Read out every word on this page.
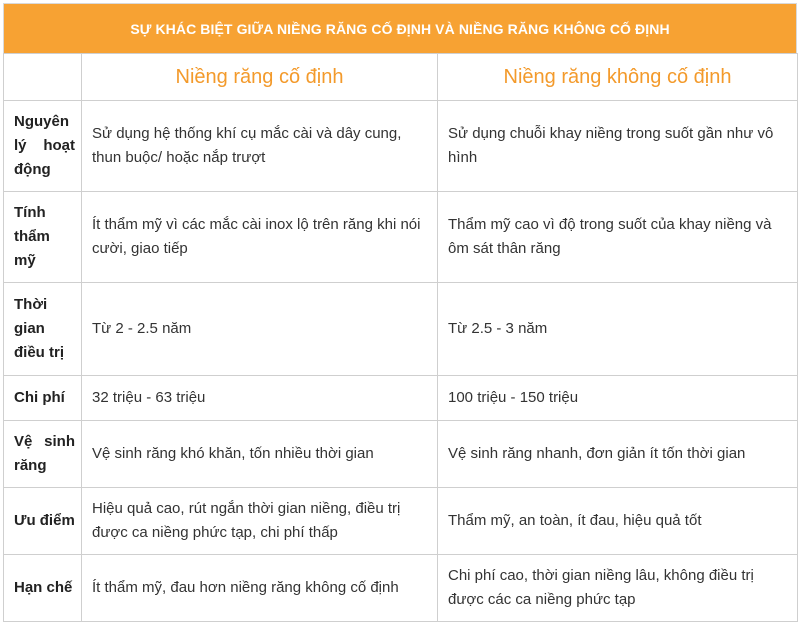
SỰ KHÁC BIỆT GIỮA NIỀNG RĂNG CỐ ĐỊNH VÀ NIỀNG RĂNG KHÔNG CỐ ĐỊNH
	Niềng răng cố định	Niềng răng không cố định
Nguyên lý hoạt động	Sử dụng hệ thống khí cụ mắc cài và dây cung, thun buộc/ hoặc nắp trượt	Sử dụng chuỗi khay niềng trong suốt gần như vô hình
Tính thẩm mỹ	Ít thẩm mỹ vì các mắc cài inox lộ trên răng khi nói cười, giao tiếp	Thẩm mỹ cao vì độ trong suốt của khay niềng và ôm sát thân răng
Thời gian điều trị	Từ 2 - 2.5 năm	Từ 2.5 - 3 năm
Chi phí	32 triệu - 63 triệu	100 triệu - 150 triệu
Vệ sinh răng	Vệ sinh răng khó khăn, tốn nhiều thời gian	Vệ sinh răng nhanh, đơn giản ít tốn thời gian
Ưu điểm	Hiệu quả cao, rút ngắn thời gian niềng, điều trị được ca niềng phức tạp, chi phí thấp	Thẩm mỹ, an toàn, ít đau, hiệu quả tốt
Hạn chế	Ít thẩm mỹ, đau hơn niềng răng không cố định	Chi phí cao, thời gian niềng lâu, không điều trị được các ca niềng phức tạp
